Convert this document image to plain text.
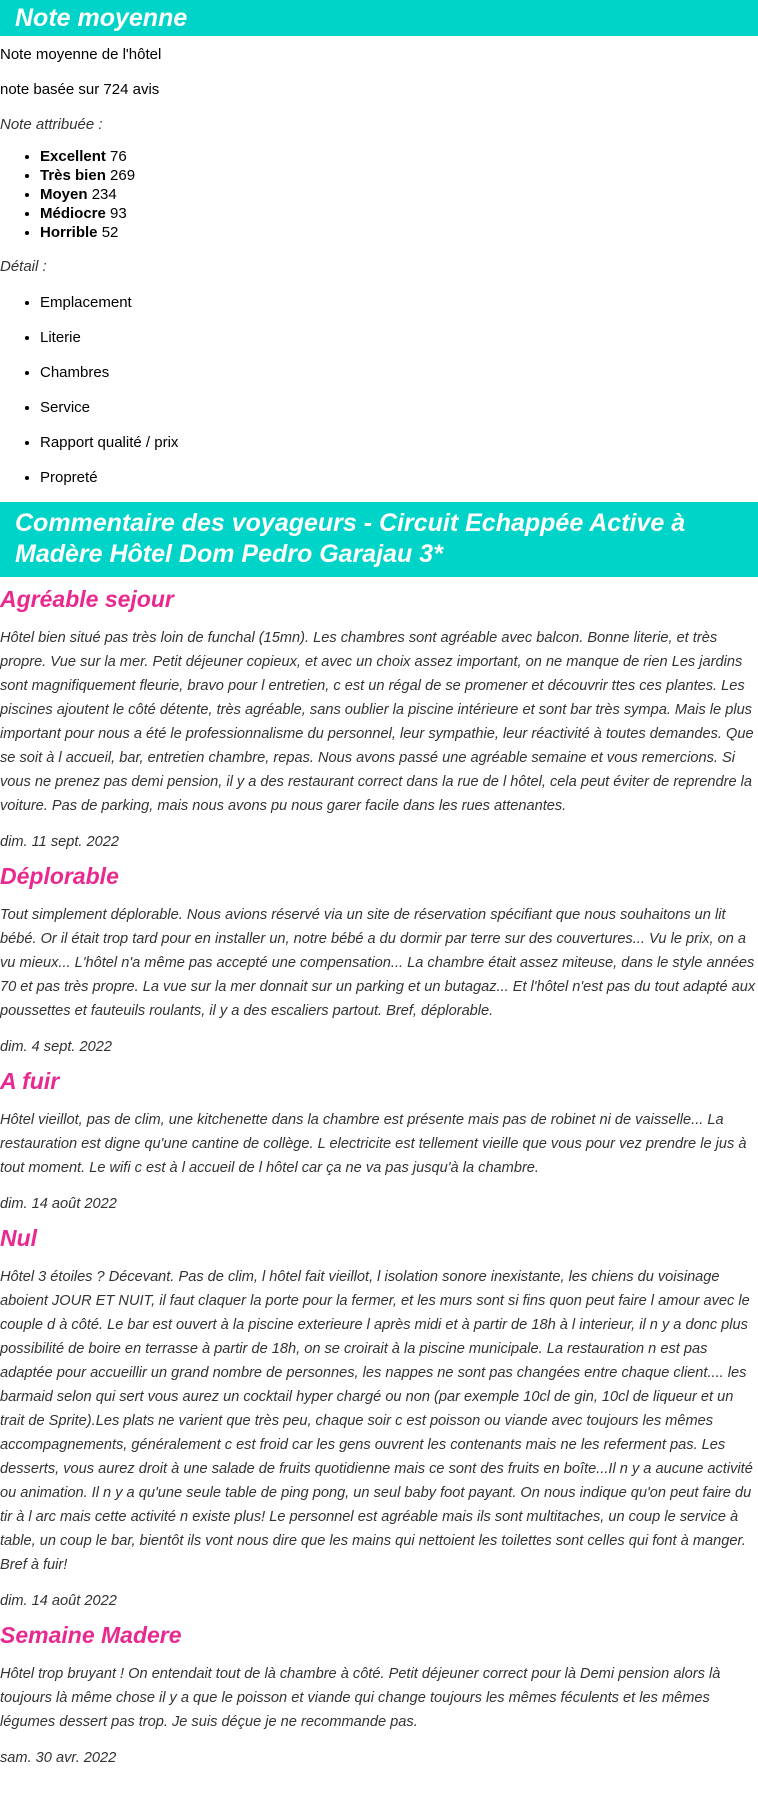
Note moyenne

Note moyenne de l'hôtel

note basée sur 724 avis

Note attribuée :

• Excellent 76
• Très bien 269
• Moyen 234
• Médiocre 93
• Horrible 52

Détail :

• Emplacement
• Literie
• Chambres
• Service
• Rapport qualité / prix
• Propreté
Commentaire des voyageurs - Circuit Echappée Active à Madère Hôtel Dom Pedro Garajau 3*
Agréable sejour

Hôtel bien situé pas très loin de funchal (15mn). Les chambres sont agréable avec balcon. Bonne literie, et très propre. Vue sur la mer. Petit déjeuner copieux, et avec un choix assez important, on ne manque de rien Les jardins sont magnifiquement fleurie, bravo pour l entretien, c est un régal de se promener et découvrir ttes ces plantes. Les piscines ajoutent le côté détente, très agréable, sans oublier la piscine intérieure et sont bar très sympa. Mais le plus important pour nous a été le professionnalisme du personnel, leur sympathie, leur réactivité à toutes demandes. Que se soit à l accueil, bar, entretien chambre, repas. Nous avons passé une agréable semaine et vous remercions. Si vous ne prenez pas demi pension, il y a des restaurant correct dans la rue de l hôtel, cela peut éviter de reprendre la voiture. Pas de parking, mais nous avons pu nous garer facile dans les rues attenantes.

dim. 11 sept. 2022

Déplorable

Tout simplement déplorable. Nous avions réservé via un site de réservation spécifiant que nous souhaitons un lit bébé. Or il était trop tard pour en installer un, notre bébé a du dormir par terre sur des couvertures... Vu le prix, on a vu mieux... L'hôtel n'a même pas accepté une compensation... La chambre était assez miteuse, dans le style années 70 et pas très propre. La vue sur la mer donnait sur un parking et un butagaz... Et l'hôtel n'est pas du tout adapté aux poussettes et fauteuils roulants, il y a des escaliers partout. Bref, déplorable.

dim. 4 sept. 2022

A fuir

Hôtel vieillot, pas de clim, une kitchenette dans la chambre est présente mais pas de robinet ni de vaisselle... La restauration est digne qu'une cantine de collège. L electricite est tellement vieille que vous pour vez prendre le jus à tout moment. Le wifi c est à l accueil de l hôtel car ça ne va pas jusqu'à la chambre.

dim. 14 août 2022

Nul

Hôtel 3 étoiles ? Décevant. Pas de clim, l hôtel fait vieillot, l isolation sonore inexistante, les chiens du voisinage aboient JOUR ET NUIT, il faut claquer la porte pour la fermer, et les murs sont si fins quon peut faire l amour avec le couple d à côté. Le bar est ouvert à la piscine exterieure l après midi et à partir de 18h à l interieur, il n y a donc plus possibilité de boire en terrasse à partir de 18h, on se croirait à la piscine municipale. La restauration n est pas adaptée pour accueillir un grand nombre de personnes, les nappes ne sont pas changées entre chaque client.... les barmaid selon qui sert vous aurez un cocktail hyper chargé ou non (par exemple 10cl de gin, 10cl de liqueur et un trait de Sprite).Les plats ne varient que très peu, chaque soir c est poisson ou viande avec toujours les mêmes accompagnements, généralement c est froid car les gens ouvrent les contenants mais ne les referment pas. Les desserts, vous aurez droit à une salade de fruits quotidienne mais ce sont des fruits en boîte...Il n y a aucune activité ou animation. Il n y a qu'une seule table de ping pong, un seul baby foot payant. On nous indique qu'on peut faire du tir à l arc mais cette activité n existe plus! Le personnel est agréable mais ils sont multitaches, un coup le service à table, un coup le bar, bientôt ils vont nous dire que les mains qui nettoient les toilettes sont celles qui font à manger. Bref à fuir!

dim. 14 août 2022

Semaine Madere

Hôtel trop bruyant ! On entendait tout de là chambre à côté. Petit déjeuner correct pour là Demi pension alors là toujours là même chose il y a que le poisson et viande qui change toujours les mêmes féculents et les mêmes légumes dessert pas trop. Je suis déçue je ne recommande pas.

sam. 30 avr. 2022
